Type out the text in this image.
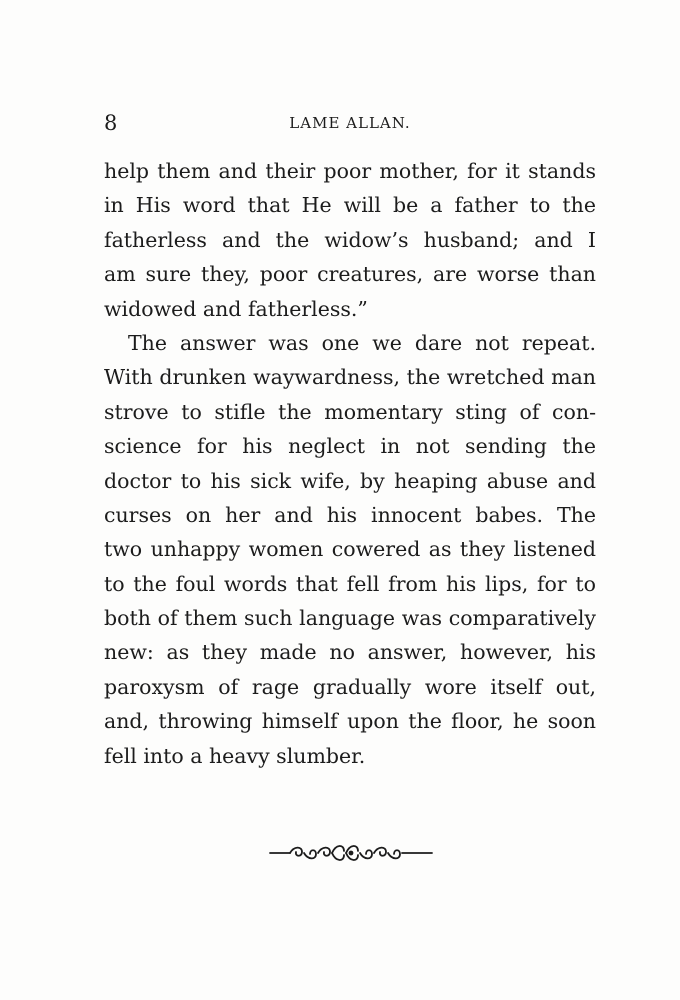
8	LAME ALLAN.
help them and their poor mother, for it stands
in His word that He will be a father to the
fatherless and the widow’s husband; and I
am sure they, poor creatures, are worse than
widowed and fatherless.”
The answer was one we dare not repeat.
With drunken waywardness, the wretched man
strove to stifle the momentary sting of con-
science for his neglect in not sending the
doctor to his sick wife, by heaping abuse and
curses on her and his innocent babes. The
two unhappy women cowered as they listened
to the foul words that fell from his lips, for to
both of them such language was comparatively
new: as they made no answer, however, his
paroxysm of rage gradually wore itself out,
and, throwing himself upon the floor, he soon
fell into a heavy slumber.
